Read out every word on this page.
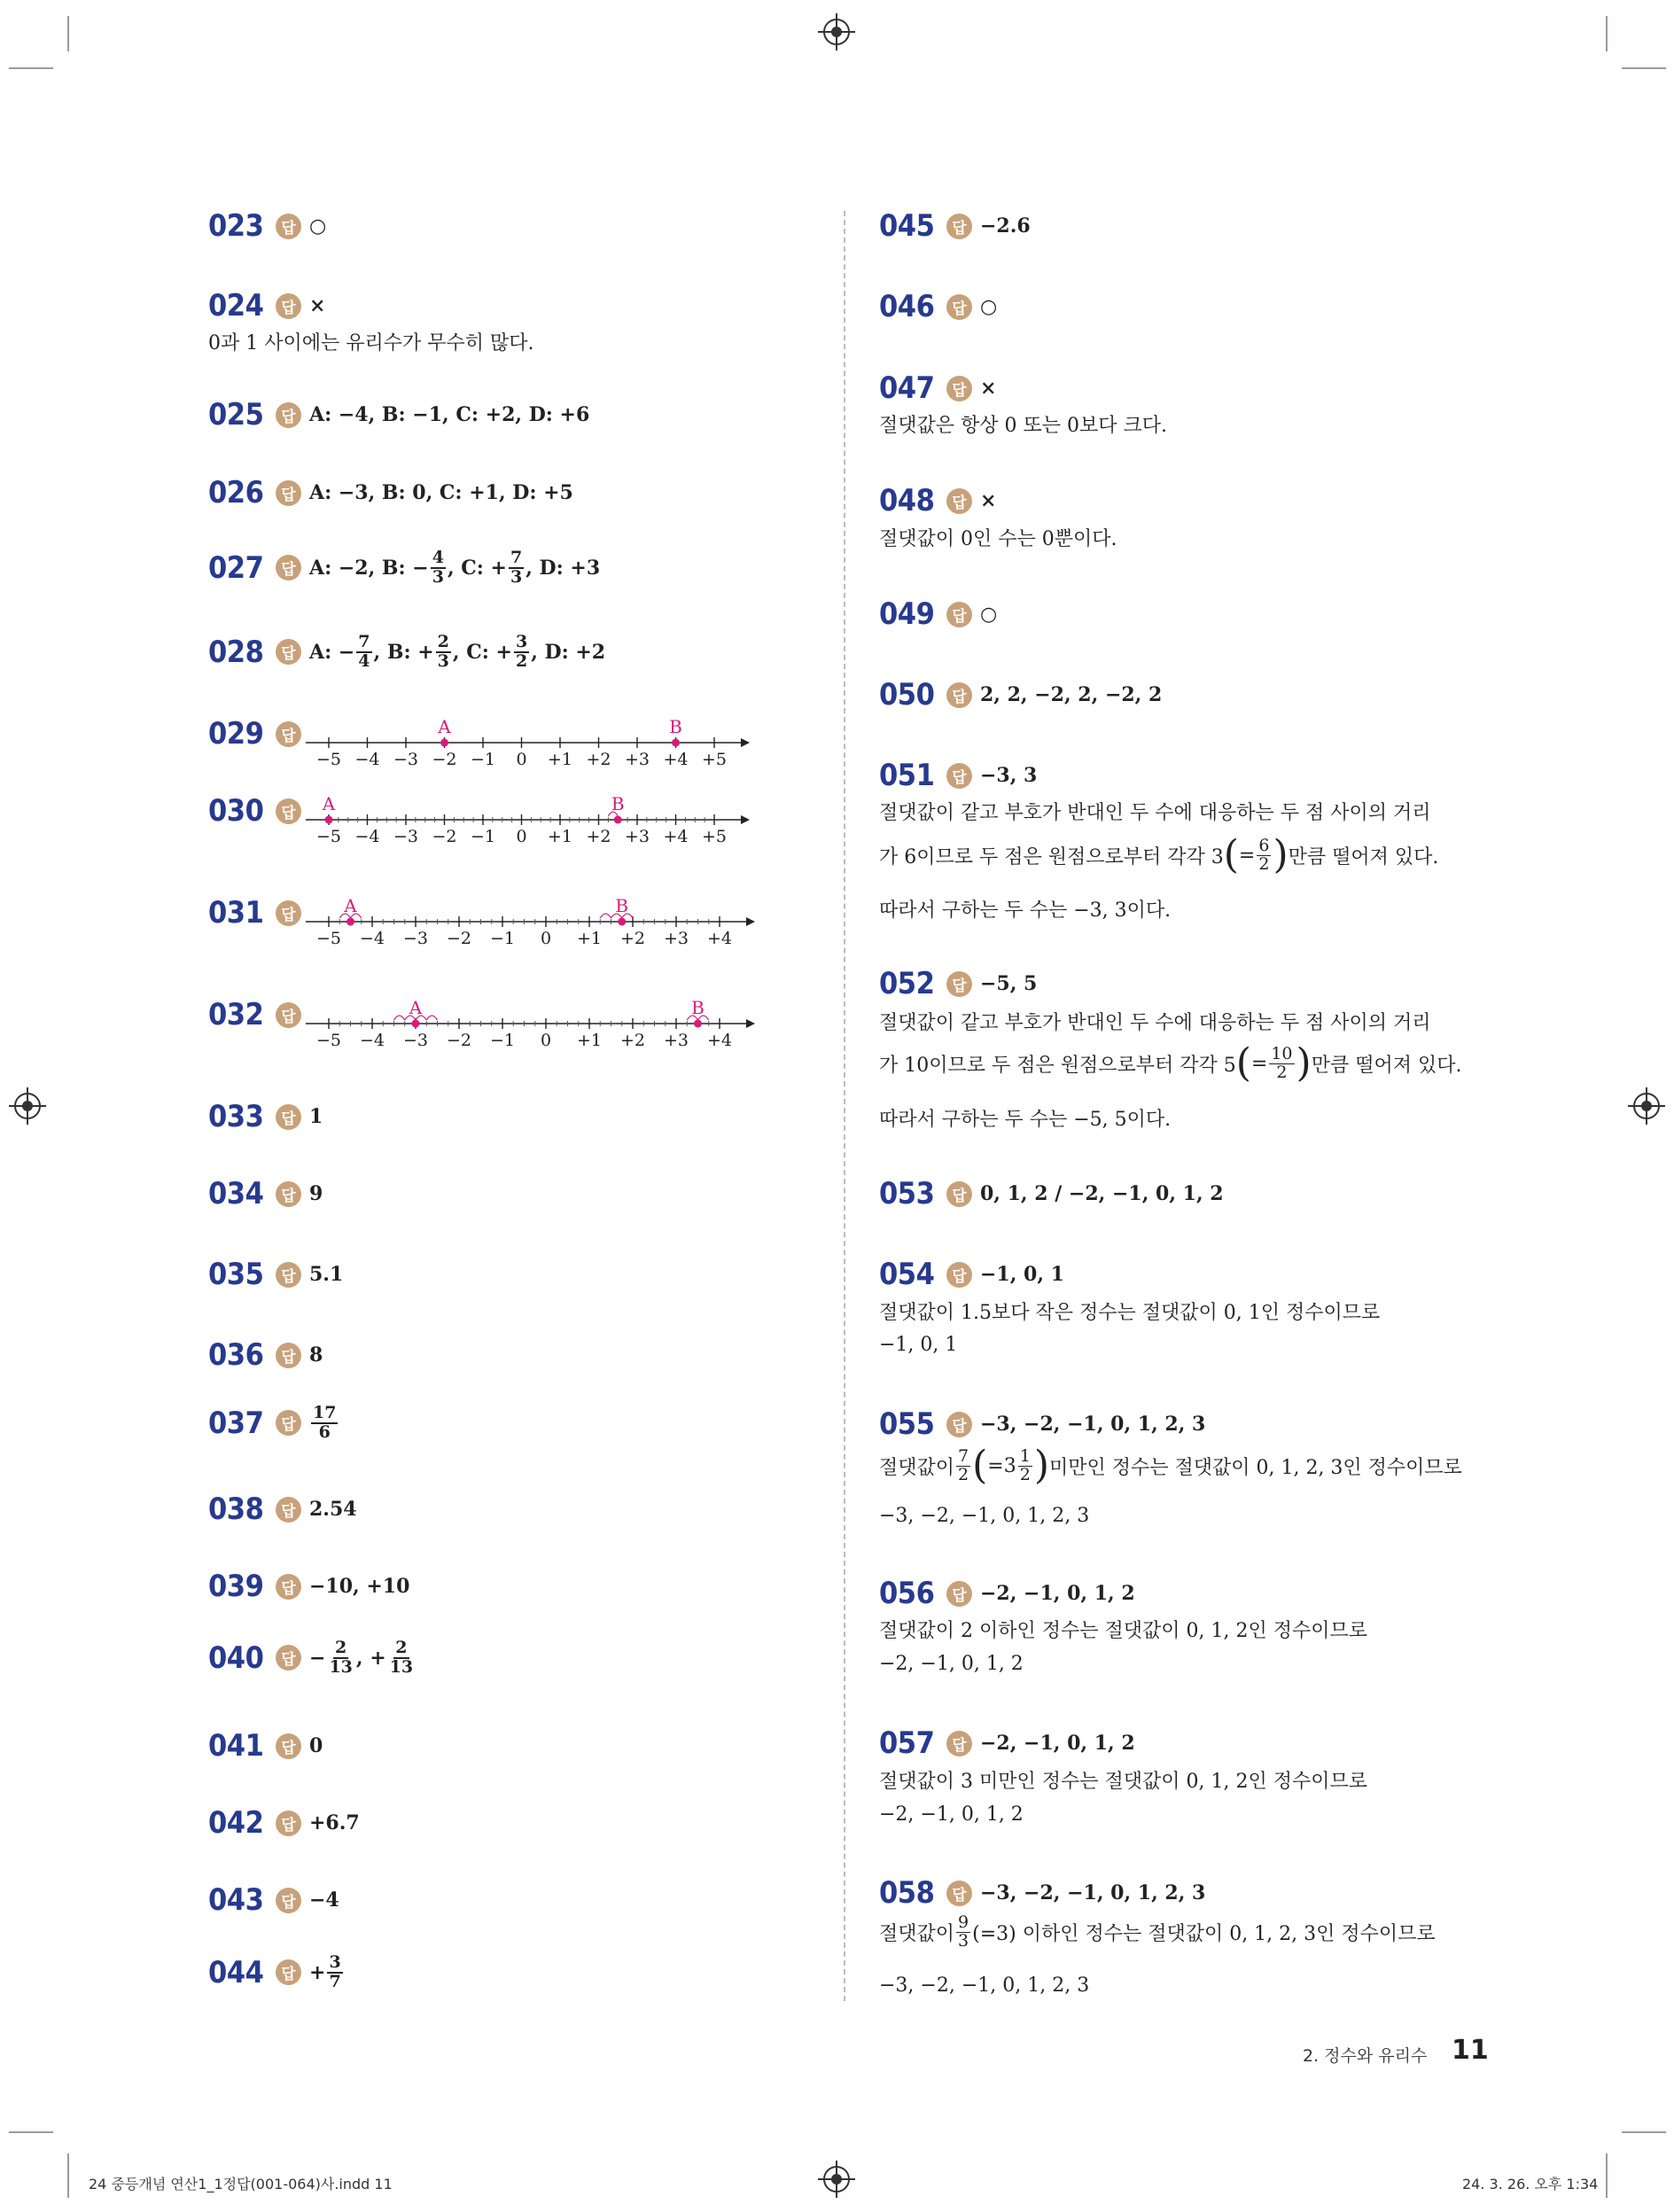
023	답 ○
024	답 ×
0과 1 사이에는 유리수가 무수히 많다.
025	답 A: −4, B: −1, C: +2, D: +6
026	답 A: −3, B: 0, C: +1, D: +5
027	답 A: −2, B: − $\frac{4}{3}$ , C: + $\frac{7}{3}$ , D: +3
028	답 A: − $\frac{7}{4}$ , B: + $\frac{2}{3}$ , C: + $\frac{3}{2}$ , D: +2
029	답
−5 −4 −3 −2 −1 0 +1 +2 +3 +4 +5
A	B
030	답
−5 −4 −3 −2 −1 0 +1 +2 +3 +4 +5
A	B
031	답
−5 −4 −3 −2 −1 0 +1 +2 +3 +4
A	B
032	답
−5 −4 −3 −2 −1 0 +1 +2 +3 +4
A	B
033	답 1
034	답 9
035	답 5.1
036	답 8
037	답 $\frac{17}{6}$
038	답 2.54
039	답 −10, +10
040	답 − $\frac{2}{13}$ , + $\frac{2}{13}$
041	답 0
042	답 +6.7
043	답 −4
044	답 + $\frac{3}{7}$
045	답 −2.6
046	답 ○
047	답 ×
절댓값은 항상 0 또는 0보다 크다.
048	답 ×
절댓값이 0인 수는 0뿐이다.
049	답 ○
050	답 2, 2, −2, 2, −2, 2
051	답 −3, 3
절댓값이 같고 부호가 반대인 두 수에 대응하는 두 점 사이의 거리
가 6이므로 두 점은 원점으로부터 각각 3 ( = $\frac{6}{2}$ ) 만큼 떨어져 있다.
따라서 구하는 두 수는 −3, 3이다.
052	답 −5, 5
절댓값이 같고 부호가 반대인 두 수에 대응하는 두 점 사이의 거리
가 10이므로 두 점은 원점으로부터 각각 5 ( = $\frac{10}{2}$ ) 만큼 떨어져 있다.
따라서 구하는 두 수는 −5, 5이다.
053	답 0, 1, 2 / −2, −1, 0, 1, 2
054	답 −1, 0, 1
절댓값이 1.5보다 작은 정수는 절댓값이 0, 1인 정수이므로
−1, 0, 1
055	답 −3, −2, −1, 0, 1, 2, 3
절댓값이 $\frac{7}{2}$ ( $=3 \frac{1}{2}$ ) 미만인 정수는 절댓값이 0, 1, 2, 3인 정수이므로
−3, −2, −1, 0, 1, 2, 3
056	답 −2, −1, 0, 1, 2
절댓값이 2 이하인 정수는 절댓값이 0, 1, 2인 정수이므로
−2, −1, 0, 1, 2
057	답 −2, −1, 0, 1, 2
절댓값이 3 미만인 정수는 절댓값이 0, 1, 2인 정수이므로
−2, −1, 0, 1, 2
058	답 −3, −2, −1, 0, 1, 2, 3
절댓값이 $\frac{9}{3} (=3)$ 이하인 정수는 절댓값이 0, 1, 2, 3인 정수이므로
−3, −2, −1, 0, 1, 2, 3
2. 정수와 유리수 11
24 중등개념 연산1_1정답(001-064)사.indd 11	24. 3. 26. 오후 1:34
